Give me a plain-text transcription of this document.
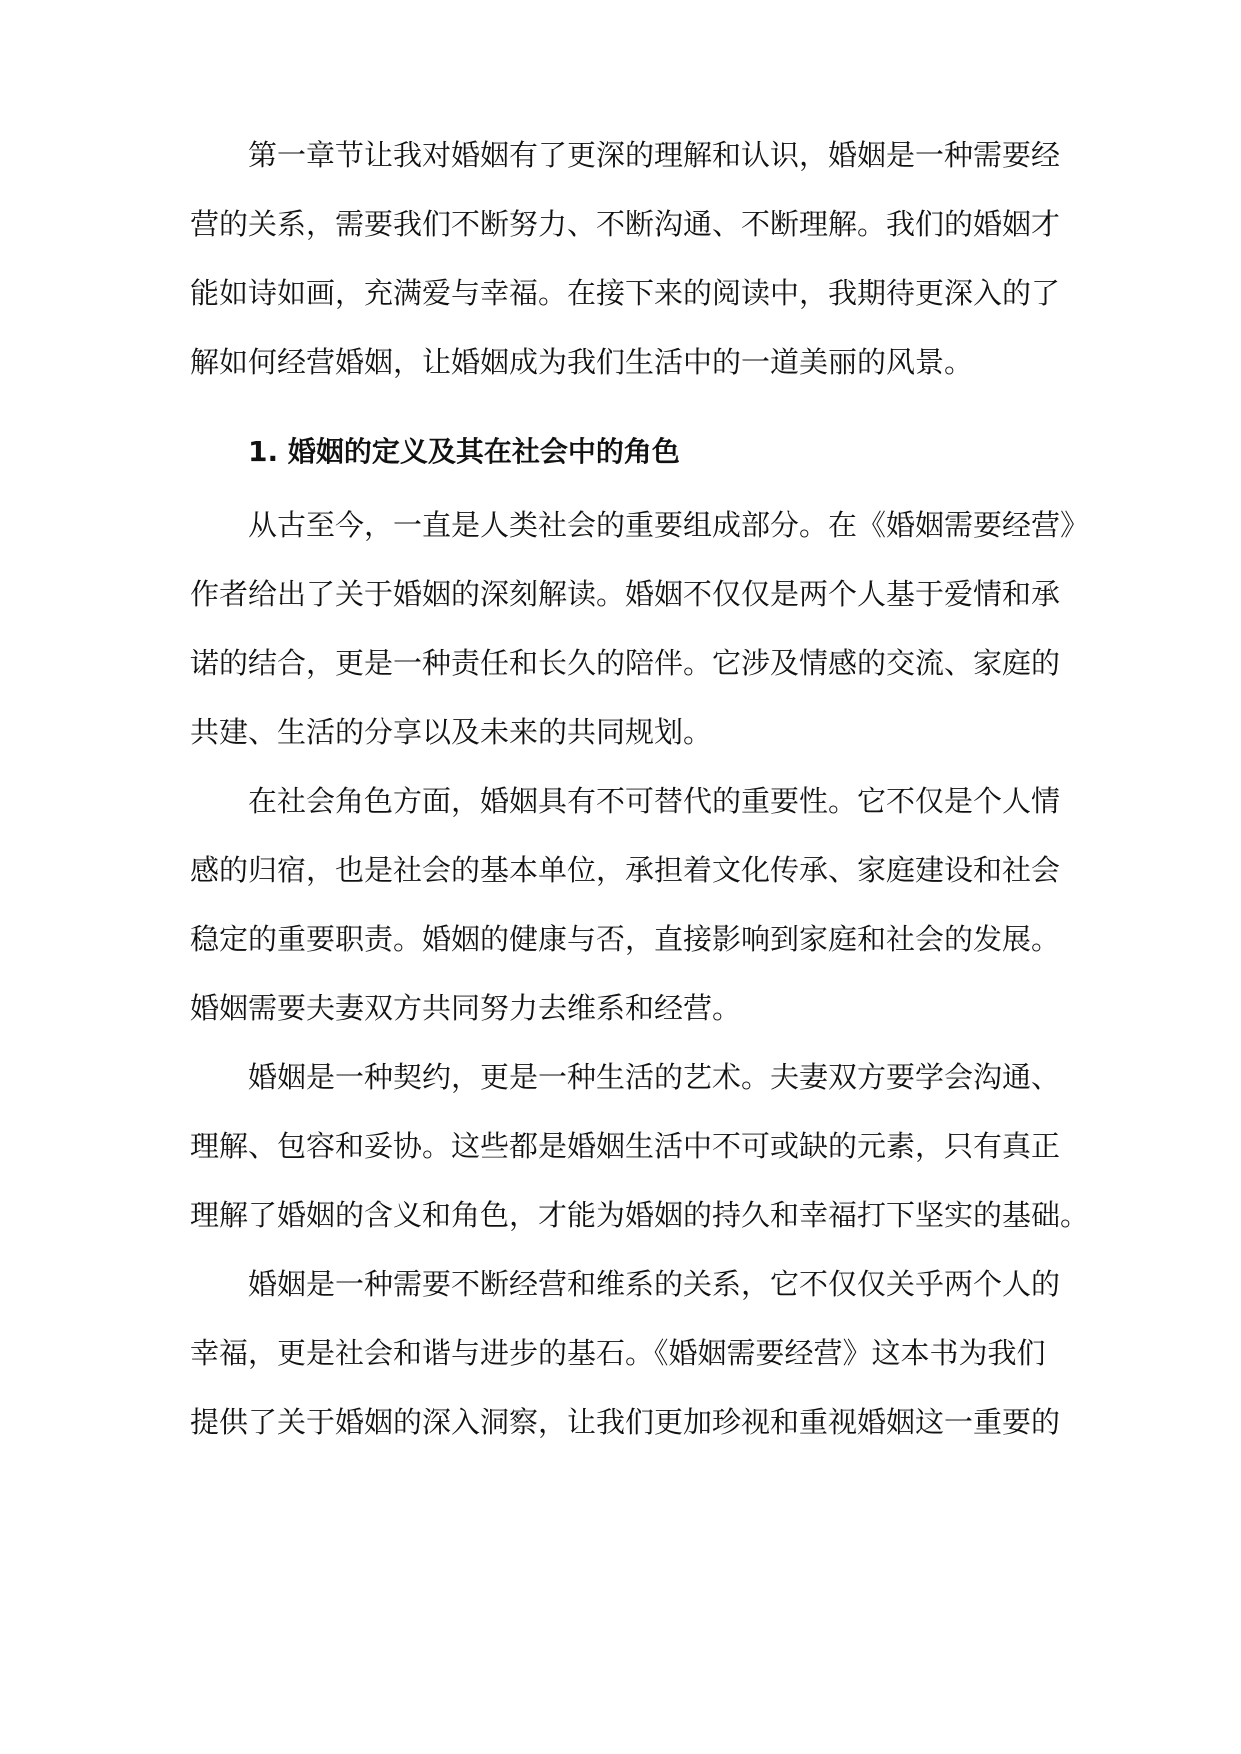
第一章节让我对婚姻有了更深的理解和认识，婚姻是一种需要经
营的关系，需要我们不断努力、不断沟通、不断理解。我们的婚姻才
能如诗如画，充满爱与幸福。在接下来的阅读中，我期待更深入的了
解如何经营婚姻，让婚姻成为我们生活中的一道美丽的风景。
1. 婚姻的定义及其在社会中的角色
从古至今，一直是人类社会的重要组成部分。在《婚姻需要经营》
作者给出了关于婚姻的深刻解读。婚姻不仅仅是两个人基于爱情和承
诺的结合，更是一种责任和长久的陪伴。它涉及情感的交流、家庭的
共建、生活的分享以及未来的共同规划。
在社会角色方面，婚姻具有不可替代的重要性。它不仅是个人情
感的归宿，也是社会的基本单位，承担着文化传承、家庭建设和社会
稳定的重要职责。婚姻的健康与否，直接影响到家庭和社会的发展。
婚姻需要夫妻双方共同努力去维系和经营。
婚姻是一种契约，更是一种生活的艺术。夫妻双方要学会沟通、
理解、包容和妥协。这些都是婚姻生活中不可或缺的元素，只有真正
理解了婚姻的含义和角色，才能为婚姻的持久和幸福打下坚实的基础。
婚姻是一种需要不断经营和维系的关系，它不仅仅关乎两个人的
幸福，更是社会和谐与进步的基石。《婚姻需要经营》这本书为我们
提供了关于婚姻的深入洞察，让我们更加珍视和重视婚姻这一重要的
